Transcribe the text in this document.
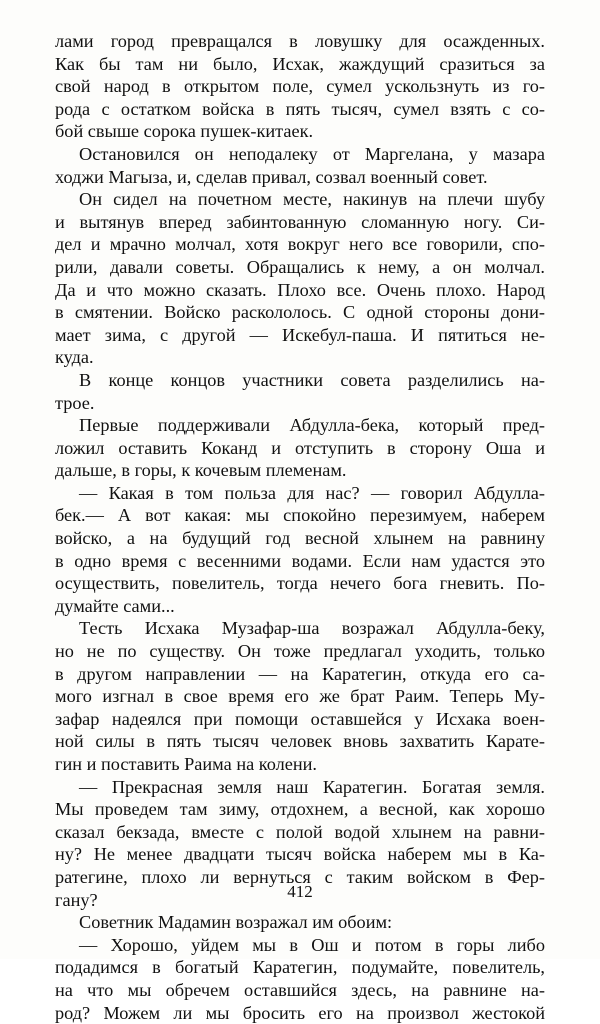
лами город превращался в ловушку для осажденных.
Как бы там ни было, Исхак, жаждущий сразиться за
свой народ в открытом поле, сумел ускользнуть из го-
рода с остатком войска в пять тысяч, сумел взять с со-
бой свыше сорока пушек-китаек.
Остановился он неподалеку от Маргелана, у мазара
ходжи Магыза, и, сделав привал, созвал военный совет.
Он сидел на почетном месте, накинув на плечи шубу
и вытянув вперед забинтованную сломанную ногу. Си-
дел и мрачно молчал, хотя вокруг него все говорили, спо-
рили, давали советы. Обращались к нему, а он молчал.
Да и что можно сказать. Плохо все. Очень плохо. Народ
в смятении. Войско раскололось. С одной стороны дони-
мает зима, с другой — Искебул-паша. И пятиться не-
куда.
В конце концов участники совета разделились на-
трое.
Первые поддерживали Абдулла-бека, который пред-
ложил оставить Коканд и отступить в сторону Оша и
дальше, в горы, к кочевым племенам.
— Какая в том польза для нас? — говорил Абдулла-
бек.— А вот какая: мы спокойно перезимуем, наберем
войско, а на будущий год весной хлынем на равнину
в одно время с весенними водами. Если нам удастся это
осуществить, повелитель, тогда нечего бога гневить. По-
думайте сами...
Тесть Исхака Музафар-ша возражал Абдулла-беку,
но не по существу. Он тоже предлагал уходить, только
в другом направлении — на Каратегин, откуда его са-
мого изгнал в свое время его же брат Раим. Теперь Му-
зафар надеялся при помощи оставшейся у Исхака воен-
ной силы в пять тысяч человек вновь захватить Карате-
гин и поставить Раима на колени.
— Прекрасная земля наш Каратегин. Богатая земля.
Мы проведем там зиму, отдохнем, а весной, как хорошо
сказал бекзада, вместе с полой водой хлынем на равни-
ну? Не менее двадцати тысяч войска наберем мы в Ка-
ратегине, плохо ли вернуться с таким войском в Фер-
гану?
Советник Мадамин возражал им обоим:
— Хорошо, уйдем мы в Ош и потом в горы либо
подадимся в богатый Каратегин, подумайте, повелитель,
на что мы обречем оставшийся здесь, на равнине на-
род? Можем ли мы бросить его на произвол жестокой
412
